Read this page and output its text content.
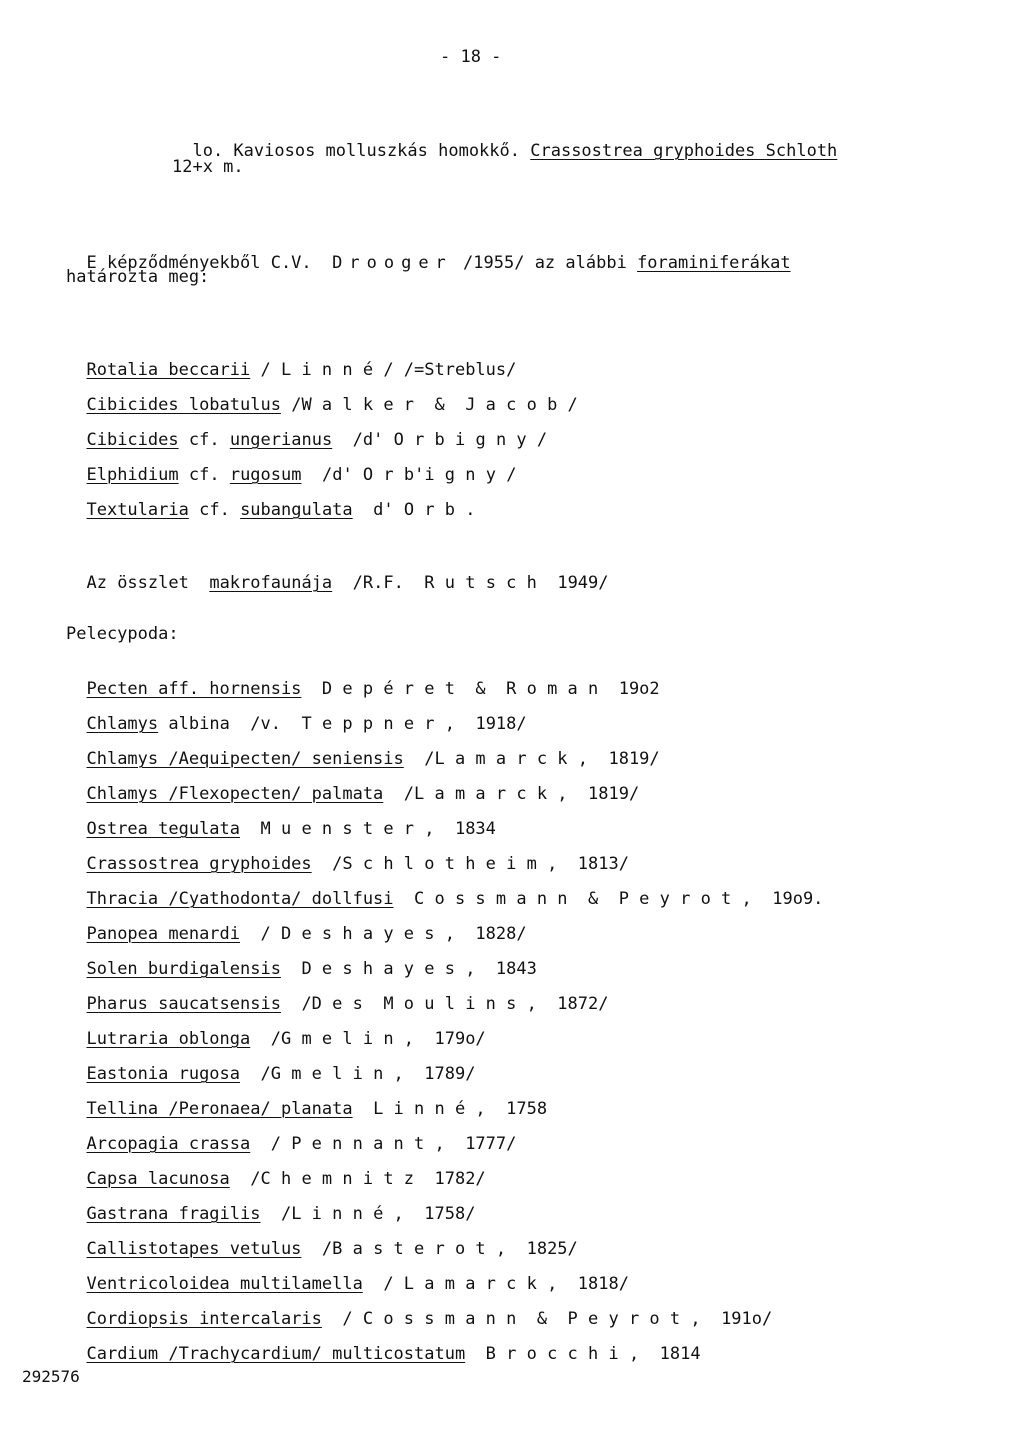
- 18 -

lo. Kaviosos molluszkás homokkő. Crassostrea gryphoides Schloth

12+x m.

E képződményekből C.V. Drooger /1955/ az alábbi foraminiferákat

határozta meg:

Rotalia beccarii / L i n n é / /=Streblus/

Cibicides lobatulus /W a l k e r  &  J a c o b /

Cibicides cf. ungerianus /d' O r b i g n y /

Elphidium cf. rugosum /d' O r b'i g n y /

Textularia cf. subangulata d' O r b .

Az összlet makrofaunája /R.F.  R u t s c h  1949/

Pelecypoda:

Pecten aff. hornensis D e p é r e t  &  R o m a n  19o2

Chlamys albina /v.  T e p p n e r ,  1918/

Chlamys /Aequipecten/ seniensis /L a m a r c k ,  1819/

Chlamys /Flexopecten/ palmata /L a m a r c k ,  1819/

Ostrea tegulata M u e n s t e r ,  1834

Crassostrea gryphoides /S c h l o t h e i m ,  1813/

Thracia /Cyathodonta/ dollfusi C o s s m a n n  &  P e y r o t ,  19o9.

Panopea menardi / D e s h a y e s ,  1828/

Solen burdigalensis D e s h a y e s ,  1843

Pharus saucatsensis /D e s  M o u l i n s ,  1872/

Lutraria oblonga /G m e l i n ,  179o/

Eastonia rugosa /G m e l i n ,  1789/

Tellina /Peronaea/ planata L i n n é ,  1758

Arcopagia crassa / P e n n a n t ,  1777/

Capsa lacunosa /C h e m n i t z  1782/

Gastrana fragilis /L i n n é ,  1758/

Callistotapes vetulus /B a s t e r o t ,  1825/

Ventricoloidea multilamella / L a m a r c k ,  1818/

Cordiopsis intercalaris / C o s s m a n n  &  P e y r o t ,  191o/

Cardium /Trachycardium/ multicostatum B r o c c h i ,  1814

292576
